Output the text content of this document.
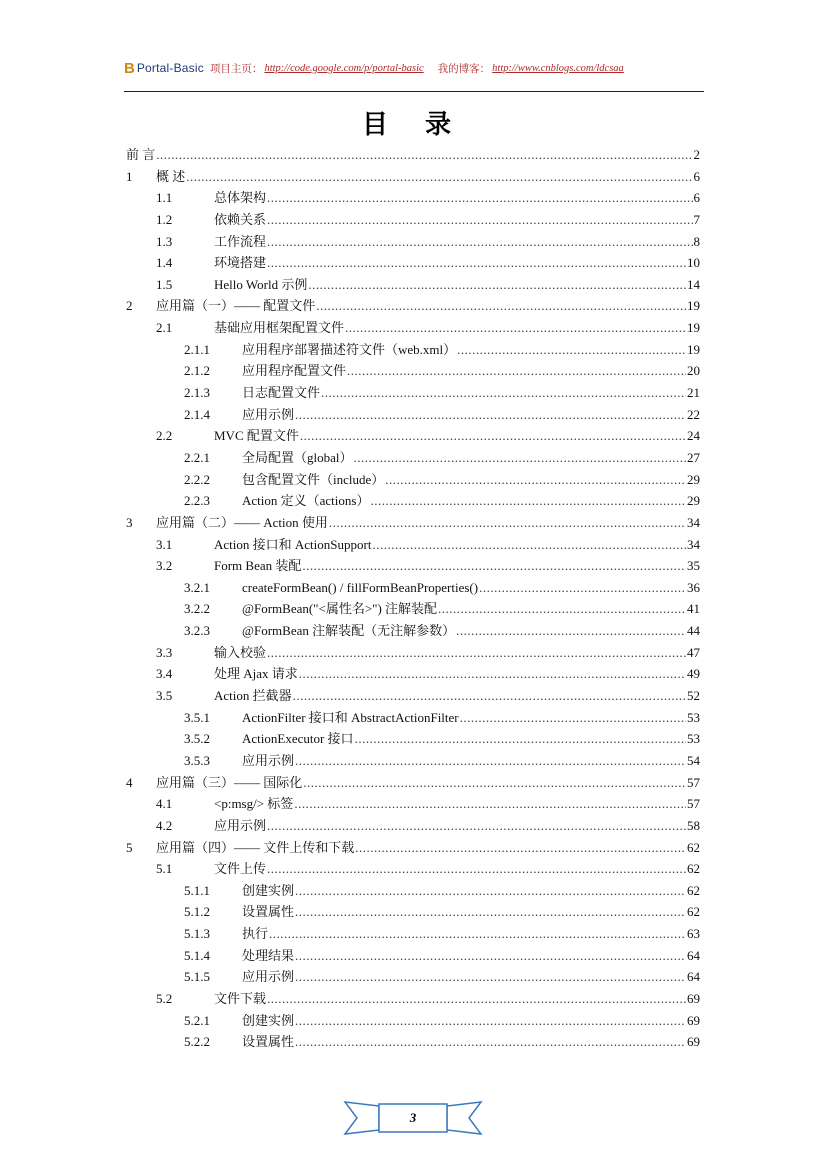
B Portal-Basic 项目主页： http://code.google.com/p/portal-basic 我的博客： http://www.cnblogs.com/ldcsaa
目 录
前 言 .....	2
1	概 述 .....	6
1.1	总体架构 .....	6
1.2	依赖关系 .....	7
1.3	工作流程 .....	8
1.4	环境搭建 .....	10
1.5	Hello World 示例 .....	14
2	应用篇（一）—— 配置文件 .....	19
2.1	基础应用框架配置文件 .....	19
2.1.1	应用程序部署描述符文件（web.xml） .....	19
2.1.2	应用程序配置文件 .....	20
2.1.3	日志配置文件 .....	21
2.1.4	应用示例 .....	22
2.2	MVC 配置文件 .....	24
2.2.1	全局配置（global） .....	27
2.2.2	包含配置文件（include） .....	29
2.2.3	Action 定义（actions） .....	29
3	应用篇（二）—— Action 使用 .....	34
3.1	Action 接口和 ActionSupport .....	34
3.2	Form Bean 装配 .....	35
3.2.1	createFormBean() / fillFormBeanProperties() .....	36
3.2.2	@FormBean("<属性名>") 注解装配 .....	41
3.2.3	@FormBean 注解装配（无注解参数） .....	44
3.3	输入校验 .....	47
3.4	处理 Ajax 请求 .....	49
3.5	Action 拦截器 .....	52
3.5.1	ActionFilter 接口和 AbstractActionFilter .....	53
3.5.2	ActionExecutor 接口 .....	53
3.5.3	应用示例 .....	54
4	应用篇（三）—— 国际化 .....	57
4.1	<p:msg/> 标签 .....	57
4.2	应用示例 .....	58
5	应用篇（四）—— 文件上传和下载 .....	62
5.1	文件上传 .....	62
5.1.1	创建实例 .....	62
5.1.2	设置属性 .....	62
5.1.3	执行 .....	63
5.1.4	处理结果 .....	64
5.1.5	应用示例 .....	64
5.2	文件下载 .....	69
5.2.1	创建实例 .....	69
5.2.2	设置属性 .....	69
3
